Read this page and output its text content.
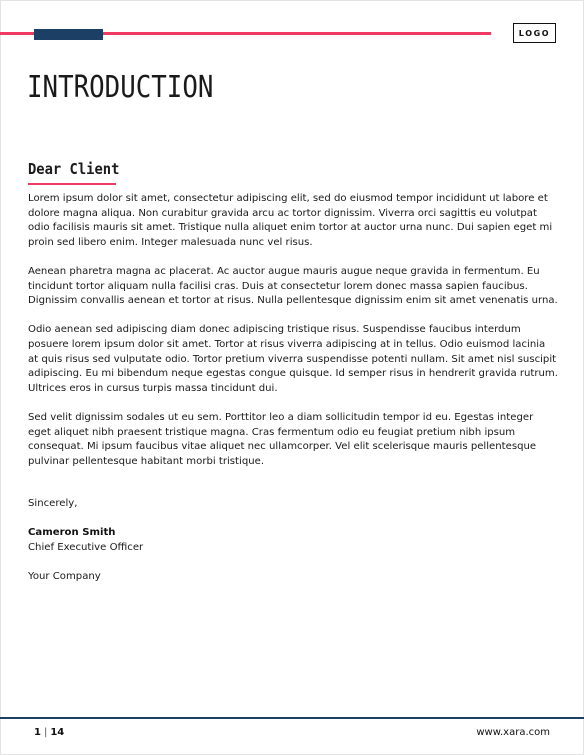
LOGO
INTRODUCTION
Dear Client

Lorem ipsum dolor sit amet, consectetur adipiscing elit, sed do eiusmod tempor incididunt ut labore et dolore magna aliqua. Non curabitur gravida arcu ac tortor dignissim. Viverra orci sagittis eu volutpat odio facilisis mauris sit amet. Tristique nulla aliquet enim tortor at auctor urna nunc. Dui sapien eget mi proin sed libero enim. Integer malesuada nunc vel risus.

Aenean pharetra magna ac placerat. Ac auctor augue mauris augue neque gravida in fermentum. Eu tincidunt tortor aliquam nulla facilisi cras. Duis at consectetur lorem donec massa sapien faucibus. Dignissim convallis aenean et tortor at risus. Nulla pellentesque dignissim enim sit amet venenatis urna.

Odio aenean sed adipiscing diam donec adipiscing tristique risus. Suspendisse faucibus interdum posuere lorem ipsum dolor sit amet. Tortor at risus viverra adipiscing at in tellus. Odio euismod lacinia at quis risus sed vulputate odio. Tortor pretium viverra suspendisse potenti nullam. Sit amet nisl suscipit adipiscing. Eu mi bibendum neque egestas congue quisque. Id semper risus in hendrerit gravida rutrum. Ultrices eros in cursus turpis massa tincidunt dui.

Sed velit dignissim sodales ut eu sem. Porttitor leo a diam sollicitudin tempor id eu. Egestas integer eget aliquet nibh praesent tristique magna. Cras fermentum odio eu feugiat pretium nibh ipsum consequat. Mi ipsum faucibus vitae aliquet nec ullamcorper. Vel elit scelerisque mauris pellentesque pulvinar pellentesque habitant morbi tristique.

Sincerely,
Cameron Smith
Chief Executive Officer
Your Company
1 | 14	www.xara.com
